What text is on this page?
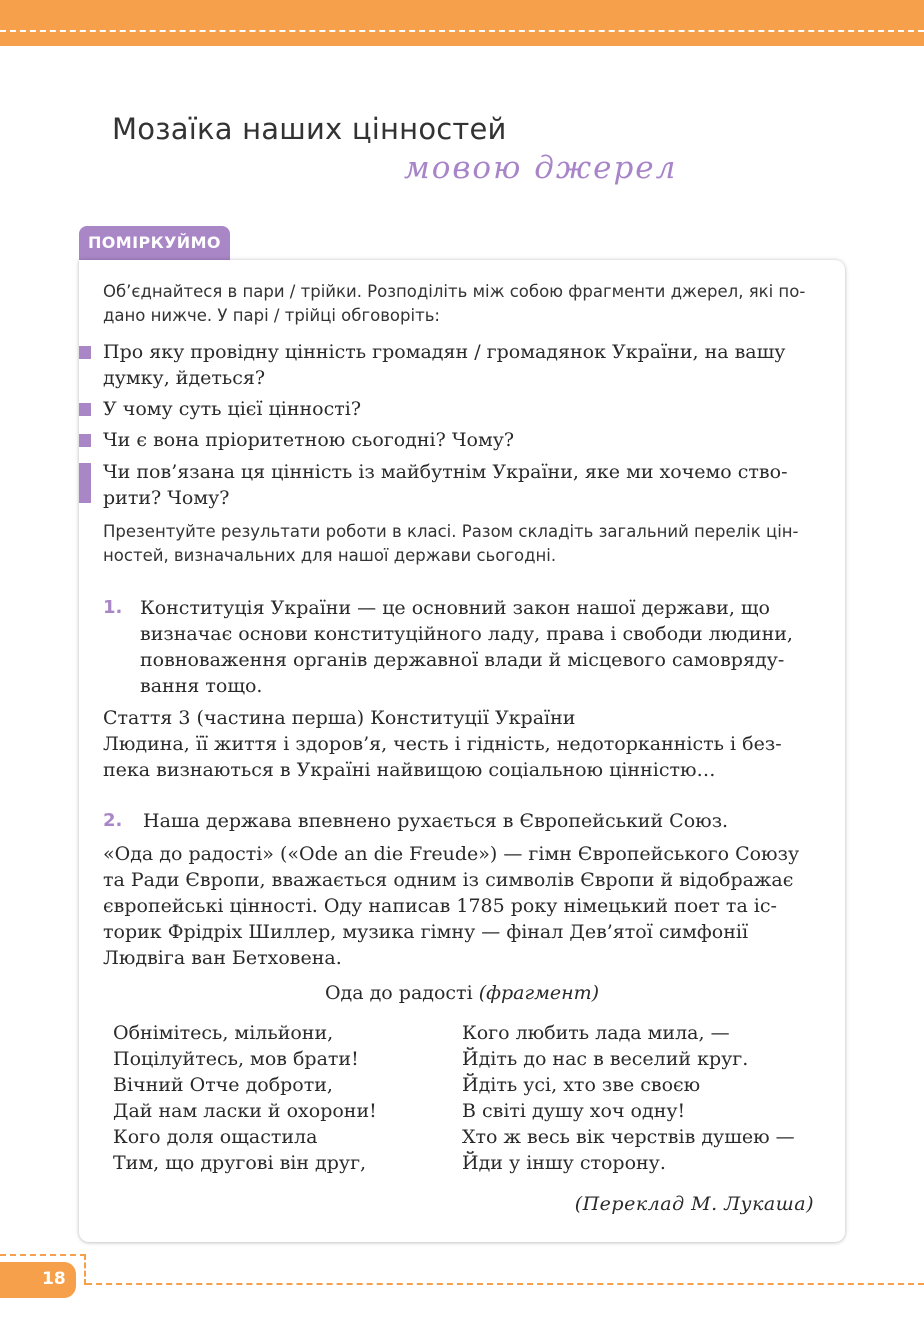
Мозаїка наших цінностей
мовою джерел
ПОМІРКУЙМО
Об’єднайтеся в пари / трійки. Розподіліть між собою фрагменти джерел, які по-
дано нижче. У парі / трійці обговоріть:
Про яку провідну цінність громадян / громадянок України, на вашу
думку, йдеться?
У чому суть цієї цінності?
Чи є вона пріоритетною сьогодні? Чому?
Чи пов’язана ця цінність із майбутнім України, яке ми хочемо ство-
рити? Чому?
Презентуйте результати роботи в класі. Разом складіть загальний перелік цін-
ностей, визначальних для нашої держави сьогодні.
1. Конституція України — це основний закон нашої держави, що
визначає основи конституційного ладу, права і свободи людини,
повноваження органів державної влади й місцевого самовряду-
вання тощо.
Стаття 3 (частина перша) Конституції України
Людина, її життя і здоров’я, честь і гідність, недоторканність і без-
пека визнаються в Україні найвищою соціальною цінністю…
2. Наша держава впевнено рухається в Європейський Союз.
«Ода до радості» («Ode an die Freude») — гімн Європейського Союзу
та Ради Європи, вважається одним із символів Європи й відображає
європейські цінності. Оду написав 1785 року німецький поет та іс-
торик Фрідріх Шиллер, музика гімну — фінал Дев’ятої симфонії
Людвіга ван Бетховена.
Ода до радості (фрагмент)
Обнімітесь, мільйони,
Поцілуйтесь, мов брати!
Вічний Отче доброти,
Дай нам ласки й охорони!
Кого доля ощастила
Тим, що другові він друг,
Кого любить лада мила, —
Йдіть до нас в веселий круг.
Йдіть усі, хто зве своєю
В світі душу хоч одну!
Хто ж весь вік черствів душею —
Йди у іншу сторону.
(Переклад М. Лукаша)
18
